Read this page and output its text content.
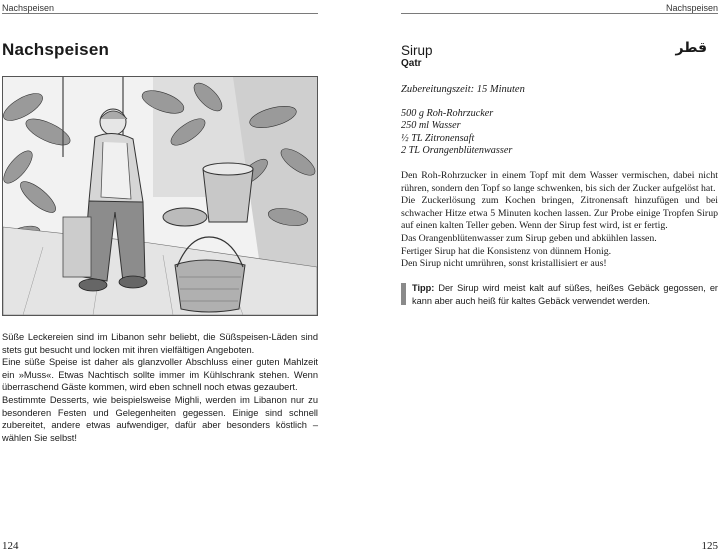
Nachspeisen
Nachspeisen

Süße Leckereien sind im Libanon sehr beliebt, die Süßspeisen-Läden sind stets gut besucht und locken mit ihren vielfältigen Angeboten.

Eine süße Speise ist daher als glanzvoller Abschluss einer guten Mahlzeit ein »Muss«. Etwas Nachtisch sollte immer im Kühlschrank stehen. Wenn überraschend Gäste kommen, wird eben schnell noch etwas gezaubert.

Bestimmte Desserts, wie beispielsweise Mighli, werden im Libanon nur zu besonderen Festen und Gelegenheiten gegessen. Einige sind schnell zubereitet, andere etwas aufwendiger, dafür aber besonders köstlich – wählen Sie selbst!

124
Nachspeisen
Sirup
Qatr
قطر
Zubereitungszeit: 15 Minuten
500 g Roh-Rohrzucker
250 ml Wasser
½ TL Zitronensaft
2 TL Orangenblütenwasser

Den Roh-Rohrzucker in einem Topf mit dem Wasser vermischen, dabei nicht rühren, sondern den Topf so lange schwenken, bis sich der Zucker aufgelöst hat.

Die Zuckerlösung zum Kochen bringen, Zitronensaft hinzufügen und bei schwacher Hitze etwa 5 Minuten kochen lassen. Zur Probe einige Tropfen Sirup auf einen kalten Teller geben. Wenn der Sirup fest wird, ist er fertig.

Das Orangenblütenwasser zum Sirup geben und abkühlen lassen.

Fertiger Sirup hat die Konsistenz von dünnem Honig.

Den Sirup nicht umrühren, sonst kristallisiert er aus!

Tipp: Der Sirup wird meist kalt auf süßes, heißes Gebäck gegossen, er kann aber auch heiß für kaltes Gebäck verwendet werden.
125
